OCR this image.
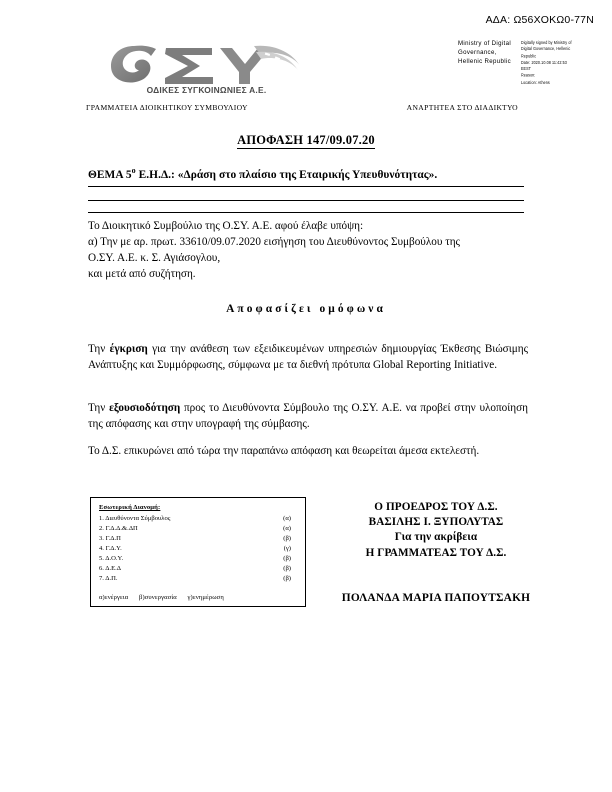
ΑΔΑ: Ω56ΧΟΚΩ0-77Ν
ΟΔΙΚΕΣ ΣΥΓΚΟΙΝΩΝΙΕΣ Α.Ε.
Ministry of Digital
Governance,
Hellenic Republic
Digitally signed by Ministry of
Digital Governance, Hellenic
Republic
Date: 2020.10.08 11:42:53
EEST
Reason:
Location: Athens
ΓΡΑΜΜΑΤΕΙΑ ΔΙΟΙΚΗΤΙΚΟΥ ΣΥΜΒΟΥΛΙΟΥ	ΑΝΑΡΤΗΤΕΑ ΣΤΟ ΔΙΑΔΙΚΤΥΟ
ΑΠΟΦΑΣΗ 147/09.07.20
ΘΕΜΑ $5^o$ Ε.Η.Δ.: «Δράση στο πλαίσιο της Εταιρικής Υπευθυνότητας».

Το Διοικητικό Συμβούλιο της Ο.ΣΥ. Α.Ε. αφού έλαβε υπόψη:

α) Την με αρ. πρωτ. 33610/09.07.2020 εισήγηση του Διευθύνοντος Συμβούλου της

Ο.ΣΥ. Α.Ε. κ. Σ. Αγιάσογλου,

και μετά από συζήτηση.

Αποφασίζει ομόφωνα
Την έγκριση για την ανάθεση των εξειδικευμένων υπηρεσιών δημιουργίας Έκθεσης Βιώσιμης Ανάπτυξης και Συμμόρφωσης, σύμφωνα με τα διεθνή πρότυπα Global Reporting Initiative.
Την εξουσιοδότηση προς το Διευθύνοντα Σύμβουλο της Ο.ΣΥ. Α.Ε. να προβεί στην υλοποίηση της απόφασης και στην υπογραφή της σύμβασης.
Το Δ.Σ. επικυρώνει από τώρα την παραπάνω απόφαση και θεωρείται άμεσα εκτελεστή.
Εσωτερική Διανομή:
1. Διευθύνοντα Σύμβουλος	(α)
2. Γ.Δ.Δ.&.ΔΠ	(α)
3. Γ.Δ.Π	(β)
4. Γ.Δ.Υ.	(γ)
5. Δ.Ο.Υ.	(β)
6. Δ.Ε.Δ	(β)
7. Δ.Π.	(β)
α)ενέργεια β)συνεργασία γ)ενημέρωση
Ο ΠΡΟΕΔΡΟΣ ΤΟΥ Δ.Σ.
ΒΑΣΙΛΗΣ Ι. ΞΥΠΟΛΥΤΑΣ
Για την ακρίβεια
Η ΓΡΑΜΜΑΤΕΑΣ ΤΟΥ Δ.Σ.
ΠΟΛΑΝΔΑ ΜΑΡΙΑ ΠΑΠΟΥΤΣΑΚΗ
